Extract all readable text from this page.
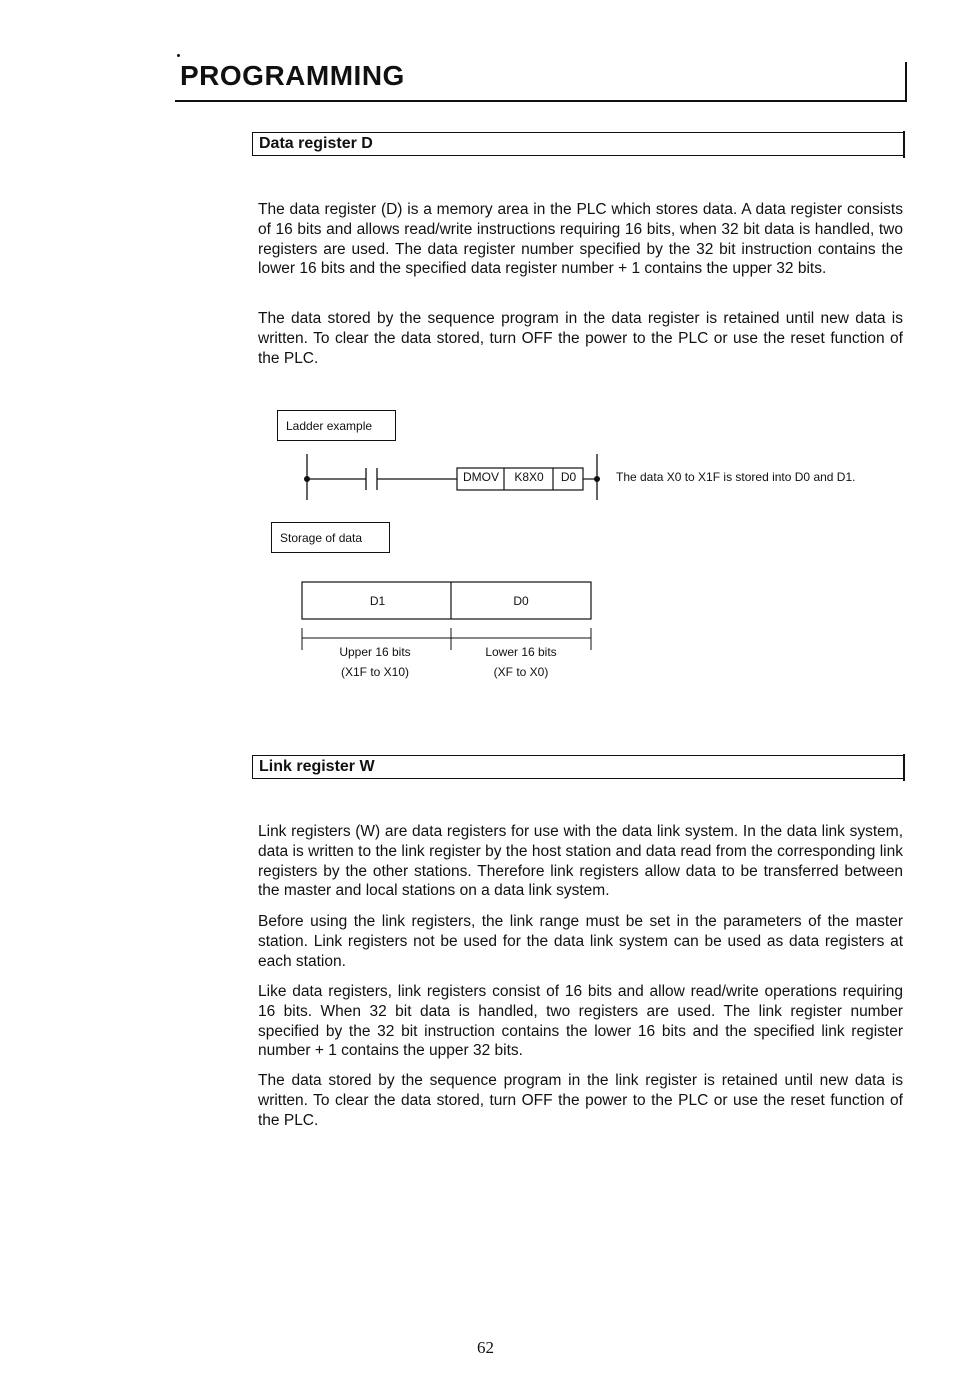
PROGRAMMING
Data register D

The data register (D) is a memory area in the PLC which stores data. A data register consists of 16 bits and allows read/write instructions requiring 16 bits, when 32 bit data is handled, two registers are used. The data register number specified by the 32 bit instruction contains the lower 16 bits and the specified data register number + 1 contains the upper 32 bits.

The data stored by the sequence program in the data register is retained until new data is written. To clear the data stored, turn OFF the power to the PLC or use the reset function of the PLC.

Ladder example
DMOV	K8X0	D0	The data X0 to X1F is stored into D0 and D1.
Storage of data
D1	D0
Upper 16 bits
(X1F to X10)
Lower 16 bits
(XF to X0)
Link register W

Link registers (W) are data registers for use with the data link system. In the data link system, data is written to the link register by the host station and data read from the corresponding link registers by the other stations. Therefore link registers allow data to be transferred between the master and local stations on a data link system.

Before using the link registers, the link range must be set in the parameters of the master station. Link registers not be used for the data link system can be used as data registers at each station.

Like data registers, link registers consist of 16 bits and allow read/write operations requiring 16 bits. When 32 bit data is handled, two registers are used. The link register number specified by the 32 bit instruction contains the lower 16 bits and the specified link register number + 1 contains the upper 32 bits.

The data stored by the sequence program in the link register is retained until new data is written. To clear the data stored, turn OFF the power to the PLC or use the reset function of the PLC.

62
